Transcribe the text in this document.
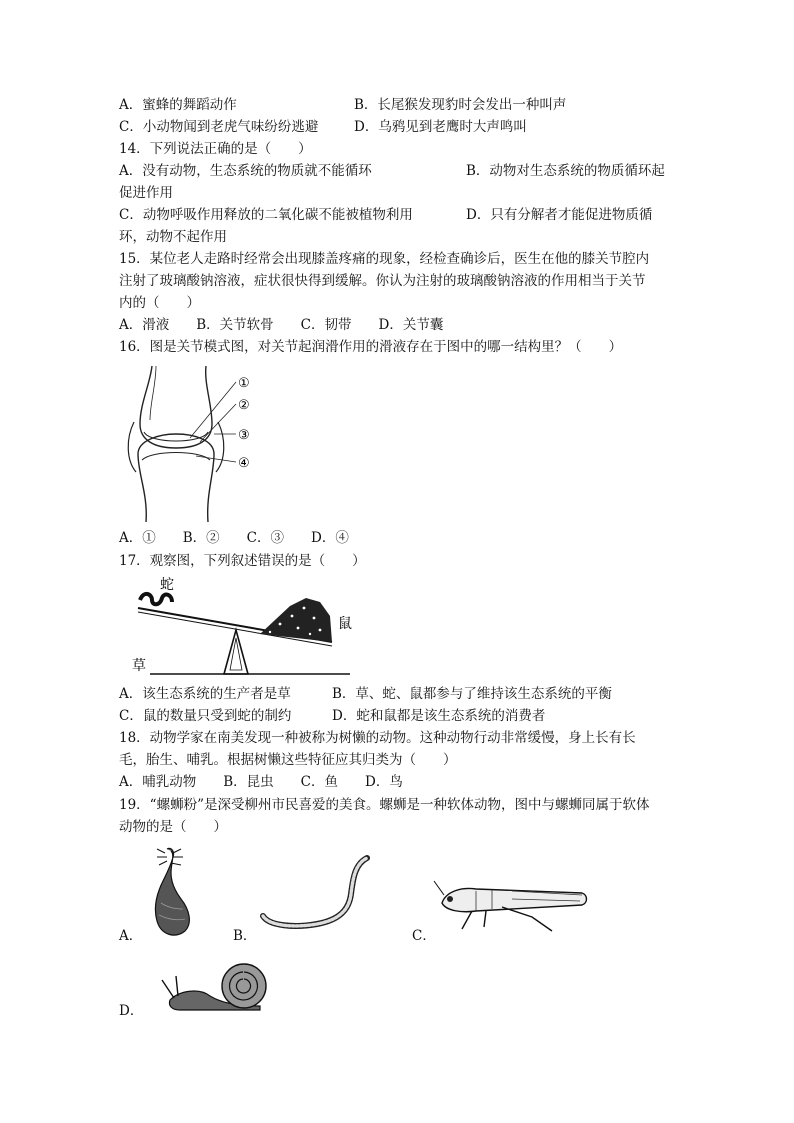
A．蜜蜂的舞蹈动作	B．长尾猴发现豹时会发出一种叫声
C．小动物闻到老虎气味纷纷逃避	D．乌鸦见到老鹰时大声鸣叫
14．下列说法正确的是（　　）
A．没有动物，生态系统的物质就不能循环	B．动物对生态系统的物质循环起
促进作用
C．动物呼吸作用释放的二氧化碳不能被植物利用	D．只有分解者才能促进物质循
环，动物不起作用
15．某位老人走路时经常会出现膝盖疼痛的现象，经检查确诊后，医生在他的膝关节腔内
注射了玻璃酸钠溶液，症状很快得到缓解。你认为注射的玻璃酸钠溶液的作用相当于关节
内的（　　）
A．滑液　　B．关节软骨　　C．韧带　　D．关节囊
16．图是关节模式图，对关节起润滑作用的滑液存在于图中的哪一结构里？（　　）
①
②
③
④
A．①　　B．②　　C．③　　D．④
17．观察图，下列叙述错误的是（　　）
蛇
鼠
草
A．该生态系统的生产者是草	B．草、蛇、鼠都参与了维持该生态系统的平衡
C．鼠的数量只受到蛇的制约	D．蛇和鼠都是该生态系统的消费者
18．动物学家在南美发现一种被称为树懒的动物。这种动物行动非常缓慢，身上长有长
毛，胎生、哺乳。根据树懒这些特征应其归类为（　　）
A．哺乳动物　　B．昆虫　　C．鱼　　D．鸟
19．“螺蛳粉”是深受柳州市民喜爱的美食。螺蛳是一种软体动物，图中与螺蛳同属于软体
动物的是（　　）
A．	B．	C．
D．
